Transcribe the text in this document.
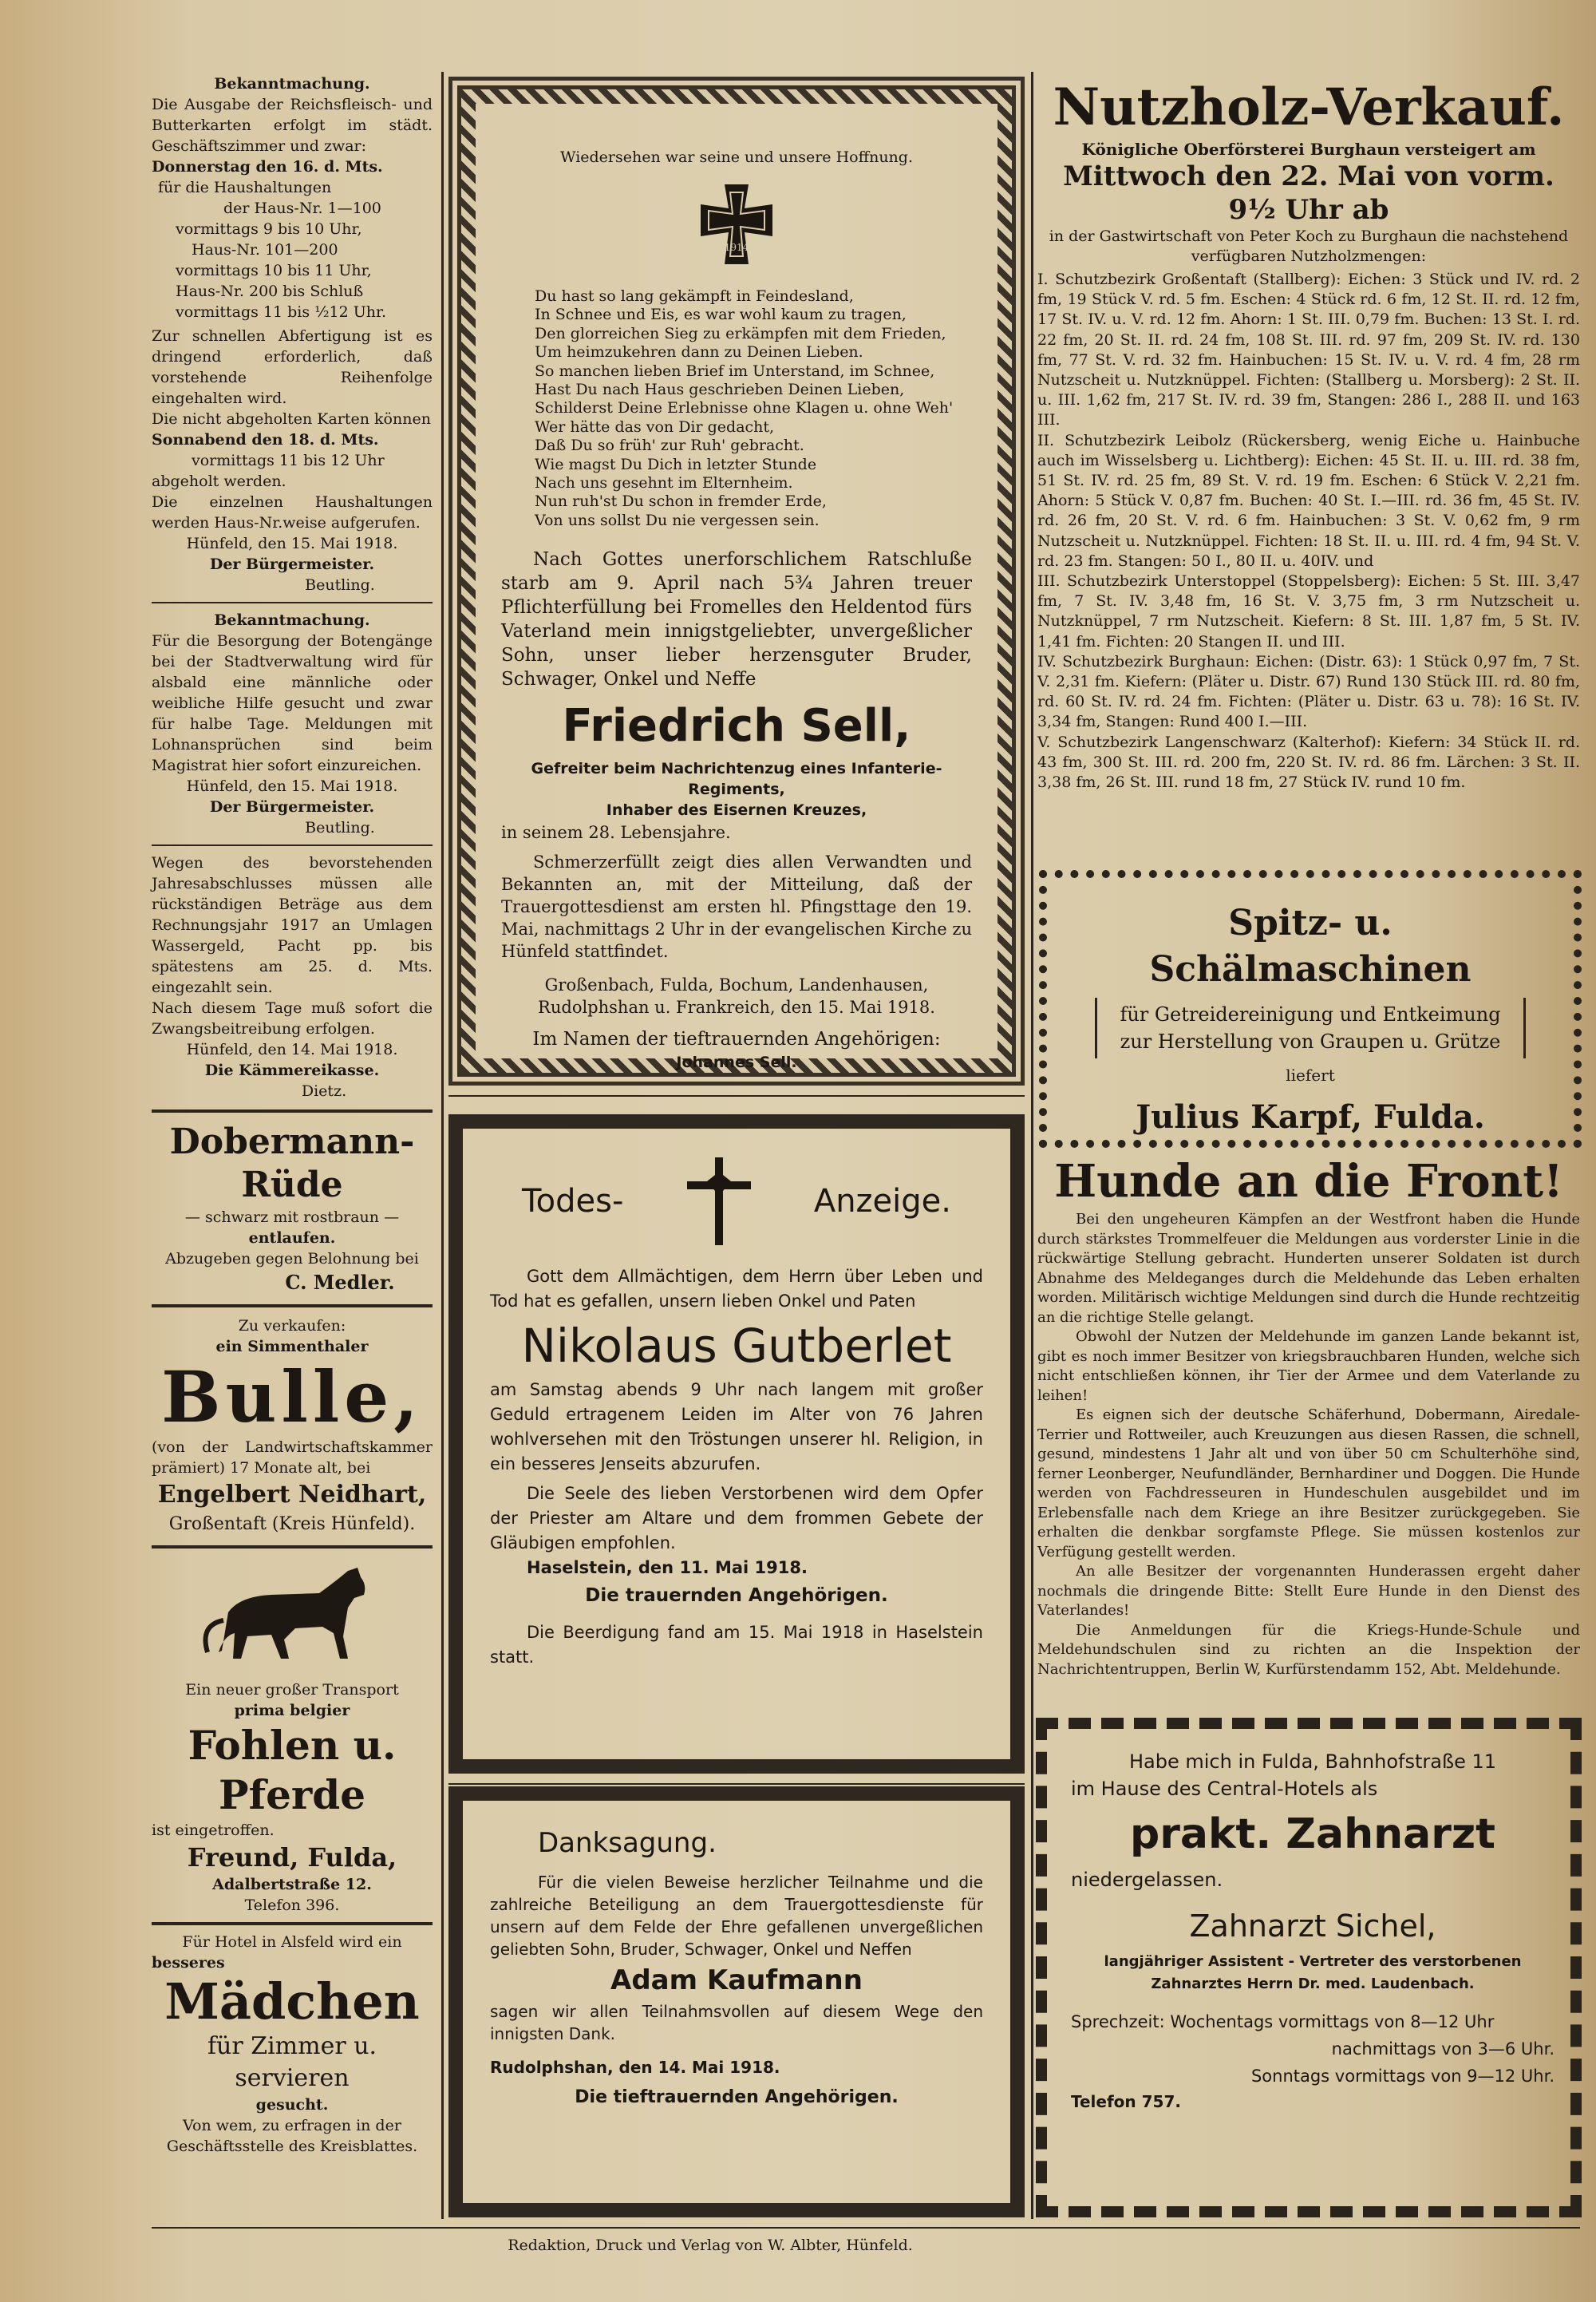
Bekanntmachung.

Die Ausgabe der Reichsfleisch- und Butterkarten erfolgt im städt. Geschäftszimmer und zwar:

Donnerstag den 16. d. Mts.

für die Haushaltungen

der Haus-Nr. 1—100

vormittags 9 bis 10 Uhr,

Haus-Nr. 101—200

vormittags 10 bis 11 Uhr,

Haus-Nr. 200 bis Schluß

vormittags 11 bis ½12 Uhr.

Zur schnellen Abfertigung ist es dringend erforderlich, daß vorstehende Reihenfolge eingehalten wird.

Die nicht abgeholten Karten können

Sonnabend den 18. d. Mts.

vormittags 11 bis 12 Uhr

abgeholt werden.

Die einzelnen Haushaltungen werden Haus-Nr.weise aufgerufen.

Hünfeld, den 15. Mai 1918.

Der Bürgermeister.

Beutling.

Bekanntmachung.

Für die Besorgung der Botengänge bei der Stadtverwaltung wird für alsbald eine männliche oder weibliche Hilfe gesucht und zwar für halbe Tage. Meldungen mit Lohnansprüchen sind beim Magistrat hier sofort einzureichen.

Hünfeld, den 15. Mai 1918.

Der Bürgermeister.

Beutling.

Wegen des bevorstehenden Jahresabschlusses müssen alle rückständigen Beträge aus dem Rechnungsjahr 1917 an Umlagen Wassergeld, Pacht pp. bis spätestens am 25. d. Mts. eingezahlt sein.

Nach diesem Tage muß sofort die Zwangsbeitreibung erfolgen.

Hünfeld, den 14. Mai 1918.

Die Kämmereikasse.

Dietz.

Dobermann-Rüde

— schwarz mit rostbraun —

entlaufen.

Abzugeben gegen Belohnung bei

C. Medler.

Zu verkaufen:

ein Simmenthaler

Bulle,

(von der Landwirtschaftskammer prämiert) 17 Monate alt, bei

Engelbert Neidhart,

Großentaft (Kreis Hünfeld).

Ein neuer großer Transport

prima belgier

Fohlen u. Pferde

ist eingetroffen.

Freund, Fulda,

Adalbertstraße 12.

Telefon 396.

Für Hotel in Alsfeld wird ein

besseres

Mädchen

für Zimmer u. servieren

gesucht.

Von wem, zu erfragen in der Geschäftsstelle des Kreisblattes.

Wiedersehen war seine und unsere Hoffnung.

1914

Du hast so lang gekämpft in Feindesland,

In Schnee und Eis, es war wohl kaum zu tragen,

Den glorreichen Sieg zu erkämpfen mit dem Frieden,

Um heimzukehren dann zu Deinen Lieben.

So manchen lieben Brief im Unterstand, im Schnee,

Hast Du nach Haus geschrieben Deinen Lieben,

Schilderst Deine Erlebnisse ohne Klagen u. ohne Weh'

Wer hätte das von Dir gedacht,

Daß Du so früh' zur Ruh' gebracht.

Wie magst Du Dich in letzter Stunde

Nach uns gesehnt im Elternheim.

Nun ruh'st Du schon in fremder Erde,

Von uns sollst Du nie vergessen sein.

Nach Gottes unerforschlichem Ratschluße starb am 9. April nach 5¾ Jahren treuer Pflichterfüllung bei Fromelles den Heldentod fürs Vaterland mein innigstgeliebter, unvergeßlicher Sohn, unser lieber herzensguter Bruder, Schwager, Onkel und Neffe

Friedrich Sell,

Gefreiter beim Nachrichtenzug eines Infanterie-Regiments,

Inhaber des Eisernen Kreuzes,

in seinem 28. Lebensjahre.

Schmerzerfüllt zeigt dies allen Verwandten und Bekannten an, mit der Mitteilung, daß der Trauergottesdienst am ersten hl. Pfingsttage den 19. Mai, nachmittags 2 Uhr in der evangelischen Kirche zu Hünfeld stattfindet.

Großenbach, Fulda, Bochum, Landenhausen,

Rudolphshan u. Frankreich, den 15. Mai 1918.

Im Namen der tieftrauernden Angehörigen:

Johannes Sell.

Todes-	Anzeige.

Gott dem Allmächtigen, dem Herrn über Leben und Tod hat es gefallen, unsern lieben Onkel und Paten

Nikolaus Gutberlet

am Samstag abends 9 Uhr nach langem mit großer Geduld ertragenem Leiden im Alter von 76 Jahren wohlversehen mit den Tröstungen unserer hl. Religion, in ein besseres Jenseits abzurufen.

Die Seele des lieben Verstorbenen wird dem Opfer der Priester am Altare und dem frommen Gebete der Gläubigen empfohlen.

Haselstein, den 11. Mai 1918.

Die trauernden Angehörigen.

Die Beerdigung fand am 15. Mai 1918 in Haselstein statt.

Danksagung.

Für die vielen Beweise herzlicher Teilnahme und die zahlreiche Beteiligung an dem Trauergottesdienste für unsern auf dem Felde der Ehre gefallenen unvergeßlichen geliebten Sohn, Bruder, Schwager, Onkel und Neffen

Adam Kaufmann

sagen wir allen Teilnahmsvollen auf diesem Wege den innigsten Dank.

Rudolphshan, den 14. Mai 1918.

Die tieftrauernden Angehörigen.

Nutzholz-Verkauf.

Königliche Oberförsterei Burghaun versteigert am

Mittwoch den 22. Mai von vorm. 9½ Uhr ab

in der Gastwirtschaft von Peter Koch zu Burghaun die nachstehend verfügbaren Nutzholzmengen:

I. Schutzbezirk Großentaft (Stallberg): Eichen: 3 Stück und IV. rd. 2 fm, 19 Stück V. rd. 5 fm. Eschen: 4 Stück rd. 6 fm, 12 St. II. rd. 12 fm, 17 St. IV. u. V. rd. 12 fm. Ahorn: 1 St. III. 0,79 fm. Buchen: 13 St. I. rd. 22 fm, 20 St. II. rd. 24 fm, 108 St. III. rd. 97 fm, 209 St. IV. rd. 130 fm, 77 St. V. rd. 32 fm. Hainbuchen: 15 St. IV. u. V. rd. 4 fm, 28 rm Nutzscheit u. Nutzknüppel. Fichten: (Stallberg u. Morsberg): 2 St. II. u. III. 1,62 fm, 217 St. IV. rd. 39 fm, Stangen: 286 I., 288 II. und 163 III.

II. Schutzbezirk Leibolz (Rückersberg, wenig Eiche u. Hainbuche auch im Wisselsberg u. Lichtberg): Eichen: 45 St. II. u. III. rd. 38 fm, 51 St. IV. rd. 25 fm, 89 St. V. rd. 19 fm. Eschen: 6 Stück V. 2,21 fm. Ahorn: 5 Stück V. 0,87 fm. Buchen: 40 St. I.—III. rd. 36 fm, 45 St. IV. rd. 26 fm, 20 St. V. rd. 6 fm. Hainbuchen: 3 St. V. 0,62 fm, 9 rm Nutzscheit u. Nutzknüppel. Fichten: 18 St. II. u. III. rd. 4 fm, 94 St. V. rd. 23 fm. Stangen: 50 I., 80 II. u. 40IV. und

III. Schutzbezirk Unterstoppel (Stoppelsberg): Eichen: 5 St. III. 3,47 fm, 7 St. IV. 3,48 fm, 16 St. V. 3,75 fm, 3 rm Nutzscheit u. Nutzknüppel, 7 rm Nutzscheit. Kiefern: 8 St. III. 1,87 fm, 5 St. IV. 1,41 fm. Fichten: 20 Stangen II. und III.

IV. Schutzbezirk Burghaun: Eichen: (Distr. 63): 1 Stück 0,97 fm, 7 St. V. 2,31 fm. Kiefern: (Pläter u. Distr. 67) Rund 130 Stück III. rd. 80 fm, rd. 60 St. IV. rd. 24 fm. Fichten: (Pläter u. Distr. 63 u. 78): 16 St. IV. 3,34 fm, Stangen: Rund 400 I.—III.

V. Schutzbezirk Langenschwarz (Kalterhof): Kiefern: 34 Stück II. rd. 43 fm, 300 St. III. rd. 200 fm, 220 St. IV. rd. 86 fm. Lärchen: 3 St. II. 3,38 fm, 26 St. III. rund 18 fm, 27 Stück IV. rund 10 fm.

Spitz- u. Schälmaschinen

für Getreidereinigung und Entkeimung

zur Herstellung von Graupen u. Grütze

liefert

Julius Karpf, Fulda.

Hunde an die Front!

Bei den ungeheuren Kämpfen an der Westfront haben die Hunde durch stärkstes Trommelfeuer die Meldungen aus vorderster Linie in die rückwärtige Stellung gebracht. Hunderten unserer Soldaten ist durch Abnahme des Meldeganges durch die Meldehunde das Leben erhalten worden. Militärisch wichtige Meldungen sind durch die Hunde rechtzeitig an die richtige Stelle gelangt.

Obwohl der Nutzen der Meldehunde im ganzen Lande bekannt ist, gibt es noch immer Besitzer von kriegsbrauchbaren Hunden, welche sich nicht entschließen können, ihr Tier der Armee und dem Vaterlande zu leihen!

Es eignen sich der deutsche Schäferhund, Dobermann, Airedale-Terrier und Rottweiler, auch Kreuzungen aus diesen Rassen, die schnell, gesund, mindestens 1 Jahr alt und von über 50 cm Schulterhöhe sind, ferner Leonberger, Neufundländer, Bernhardiner und Doggen. Die Hunde werden von Fachdresseuren in Hundeschulen ausgebildet und im Erlebensfalle nach dem Kriege an ihre Besitzer zurückgegeben. Sie erhalten die denkbar sorgfamste Pflege. Sie müssen kostenlos zur Verfügung gestellt werden.

An alle Besitzer der vorgenannten Hunderassen ergeht daher nochmals die dringende Bitte: Stellt Eure Hunde in den Dienst des Vaterlandes!

Die Anmeldungen für die Kriegs-Hunde-Schule und Meldehundschulen sind zu richten an die Inspektion der Nachrichtentruppen, Berlin W, Kurfürstendamm 152, Abt. Meldehunde.

Habe mich in Fulda, Bahnhofstraße 11

im Hause des Central-Hotels als

prakt. Zahnarzt

niedergelassen.

Zahnarzt Sichel,

langjähriger Assistent - Vertreter des verstorbenen

Zahnarztes Herrn Dr. med. Laudenbach.

Sprechzeit: Wochentags vormittags von 8—12 Uhr

nachmittags von 3—6 Uhr.

Sonntags vormittags von 9—12 Uhr.

Telefon 757.

Redaktion, Druck und Verlag von W. Albter, Hünfeld.
